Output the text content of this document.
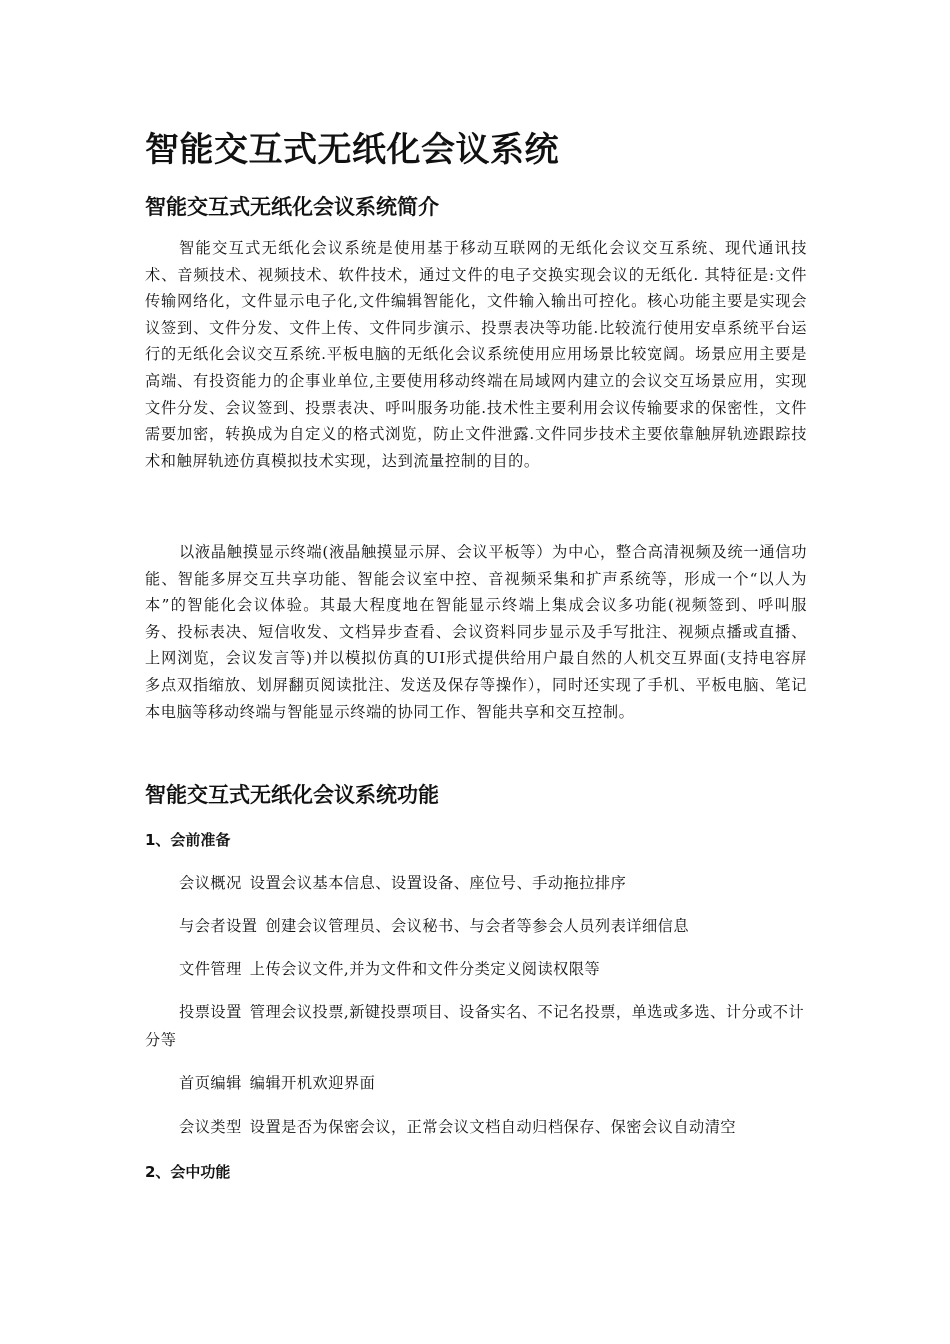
智能交互式无纸化会议系统
智能交互式无纸化会议系统简介

智能交互式无纸化会议系统是使用基于移动互联网的无纸化会议交互系统、现代通讯技术、音频技术、视频技术、软件技术，通过文件的电子交换实现会议的无纸化. 其特征是:文件传输网络化，文件显示电子化,文件编辑智能化，文件输入输出可控化。核心功能主要是实现会议签到、文件分发、文件上传、文件同步演示、投票表决等功能.比较流行使用安卓系统平台运行的无纸化会议交互系统.平板电脑的无纸化会议系统使用应用场景比较宽阔。场景应用主要是高端、有投资能力的企事业单位,主要使用移动终端在局域网内建立的会议交互场景应用，实现文件分发、会议签到、投票表决、呼叫服务功能.技术性主要利用会议传输要求的保密性，文件需要加密，转换成为自定义的格式浏览，防止文件泄露.文件同步技术主要依靠触屏轨迹跟踪技术和触屏轨迹仿真模拟技术实现，达到流量控制的目的。

以液晶触摸显示终端(液晶触摸显示屏、会议平板等）为中心，整合高清视频及统一通信功能、智能多屏交互共享功能、智能会议室中控、音视频采集和扩声系统等，形成一个“以人为本”的智能化会议体验。其最大程度地在智能显示终端上集成会议多功能(视频签到、呼叫服务、投标表决、短信收发、文档异步查看、会议资料同步显示及手写批注、视频点播或直播、上网浏览，会议发言等)并以模拟仿真的UI形式提供给用户最自然的人机交互界面(支持电容屏多点双指缩放、划屏翻页阅读批注、发送及保存等操作），同时还实现了手机、平板电脑、笔记本电脑等移动终端与智能显示终端的协同工作、智能共享和交互控制。

智能交互式无纸化会议系统功能
1、会前准备

会议概况 设置会议基本信息、设置设备、座位号、手动拖拉排序

与会者设置 创建会议管理员、会议秘书、与会者等参会人员列表详细信息

文件管理 上传会议文件,并为文件和文件分类定义阅读权限等

投票设置 管理会议投票,新键投票项目、设备实名、不记名投票，单选或多选、计分或不计分等

首页编辑 编辑开机欢迎界面

会议类型 设置是否为保密会议，正常会议文档自动归档保存、保密会议自动清空

2、会中功能
